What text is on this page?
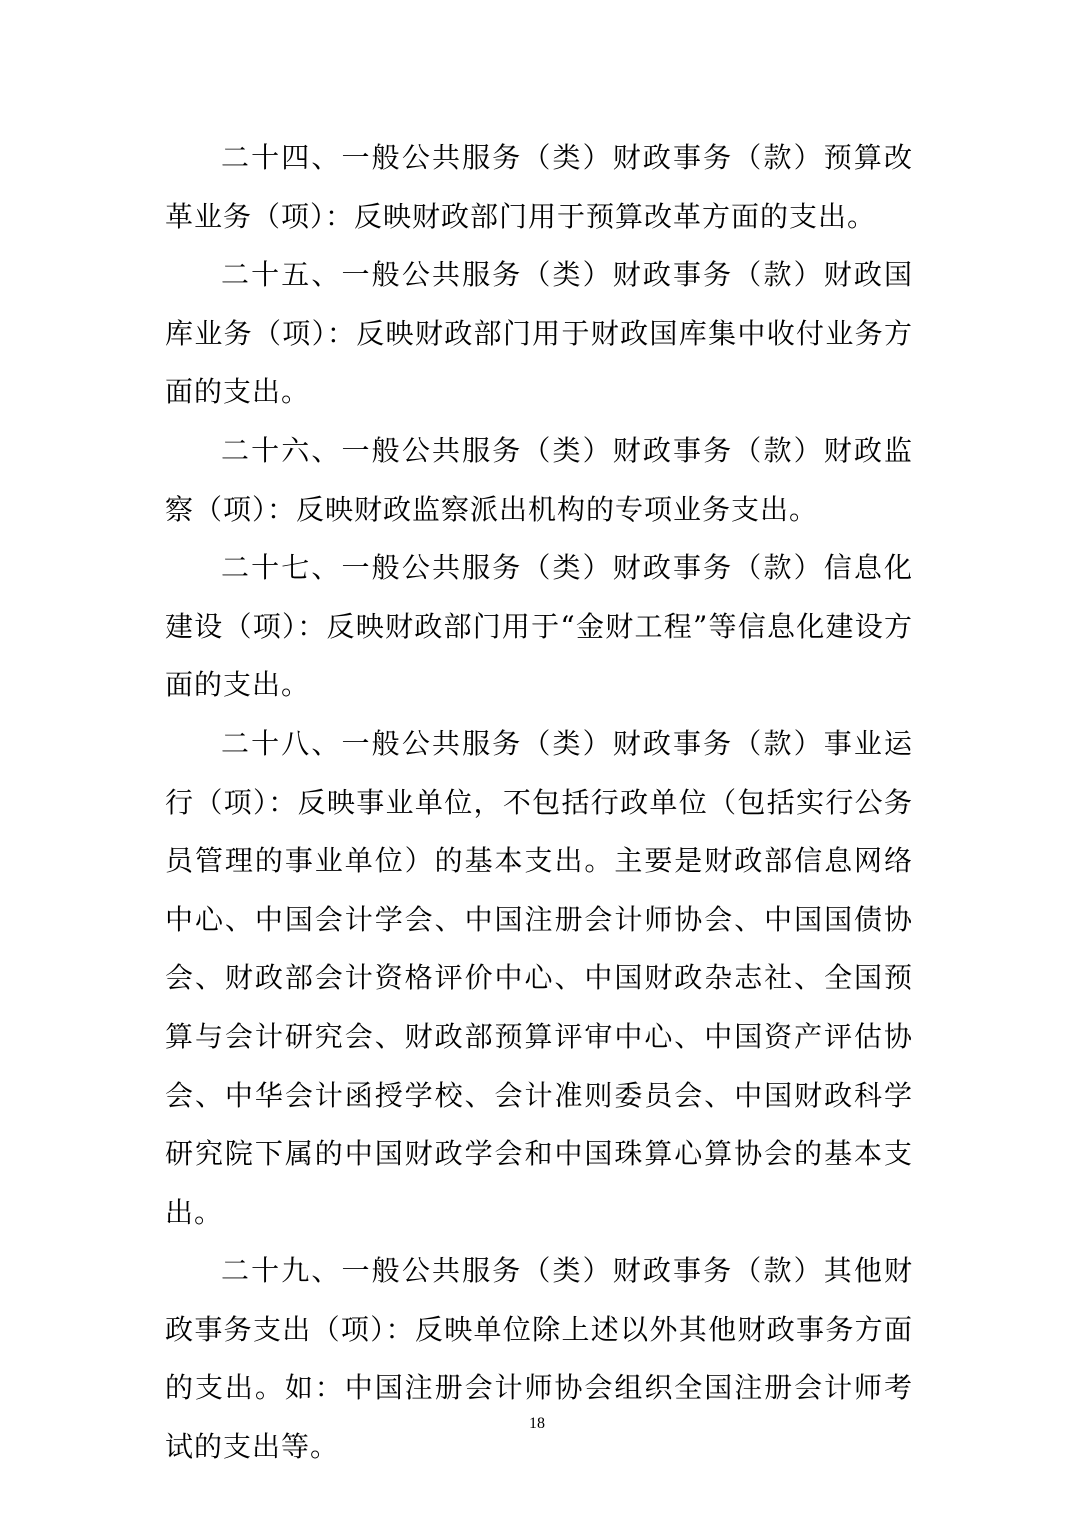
二十四、一般公共服务（类）财政事务（款）预算改革业务（项）：反映财政部门用于预算改革方面的支出。

二十五、一般公共服务（类）财政事务（款）财政国库业务（项）：反映财政部门用于财政国库集中收付业务方面的支出。

二十六、一般公共服务（类）财政事务（款）财政监察（项）：反映财政监察派出机构的专项业务支出。

二十七、一般公共服务（类）财政事务（款）信息化建设（项）：反映财政部门用于“金财工程”等信息化建设方面的支出。

二十八、一般公共服务（类）财政事务（款）事业运行（项）：反映事业单位，不包括行政单位（包括实行公务员管理的事业单位）的基本支出。主要是财政部信息网络中心、中国会计学会、中国注册会计师协会、中国国债协会、财政部会计资格评价中心、中国财政杂志社、全国预算与会计研究会、财政部预算评审中心、中国资产评估协会、中华会计函授学校、会计准则委员会、中国财政科学研究院下属的中国财政学会和中国珠算心算协会的基本支出。

二十九、一般公共服务（类）财政事务（款）其他财政事务支出（项）：反映单位除上述以外其他财政事务方面的支出。如：中国注册会计师协会组织全国注册会计师考试的支出等。

18
